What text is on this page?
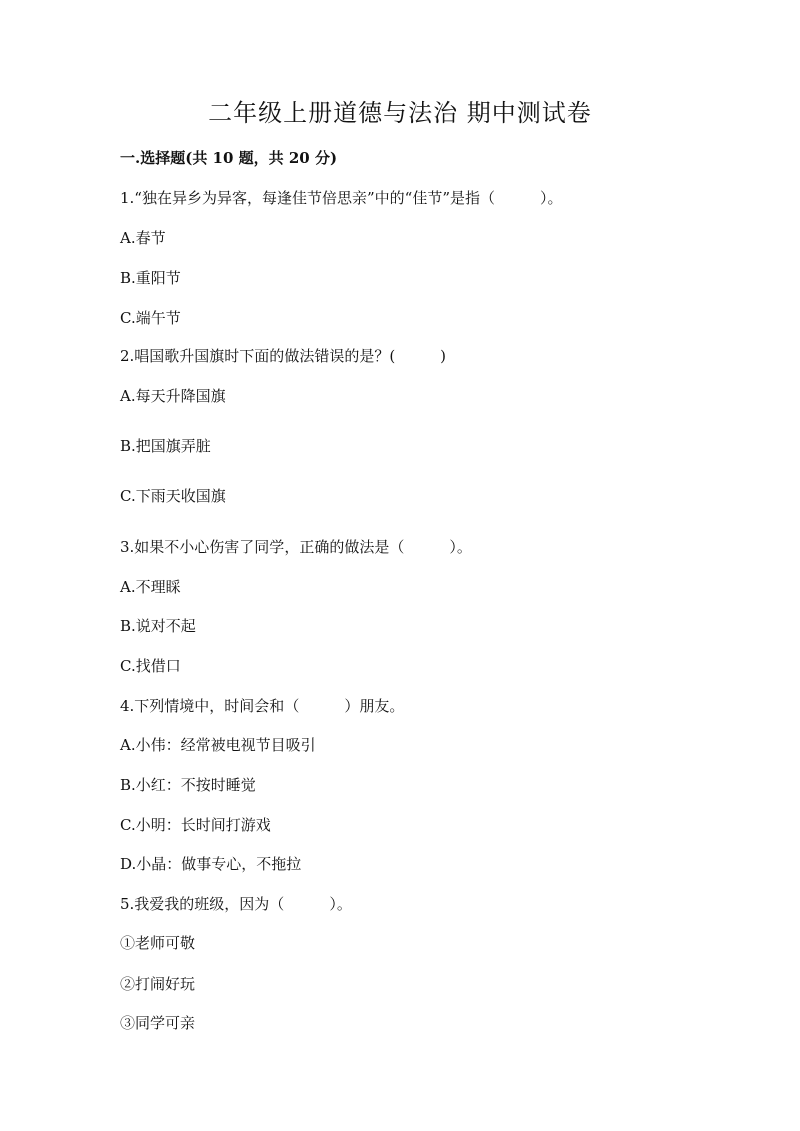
二年级上册道德与法治 期中测试卷
一.选择题(共 10 题，共 20 分)
1.“独在异乡为异客，每逢佳节倍思亲”中的“佳节”是指（　　　）。
A.春节
B.重阳节
C.端午节
2.唱国歌升国旗时下面的做法错误的是？(　　　)
A.每天升降国旗
B.把国旗弄脏
C.下雨天收国旗
3.如果不小心伤害了同学，正确的做法是（　　　）。
A.不理睬
B.说对不起
C.找借口
4.下列情境中，时间会和（　　　）朋友。
A.小伟：经常被电视节目吸引
B.小红：不按时睡觉
C.小明：长时间打游戏
D.小晶：做事专心，不拖拉
5.我爱我的班级，因为（　　　）。
①老师可敬
②打闹好玩
③同学可亲
